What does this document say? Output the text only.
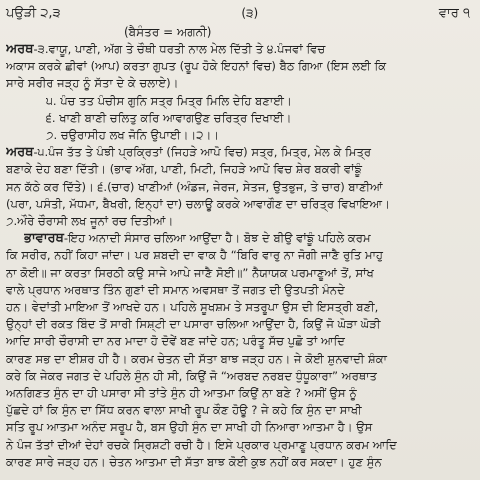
ਪਉੜੀ ੨,੩	(੩)	ਵਾਰ ੧
(ਬੈਸੰਤਰ = ਅਗਨੀ)
ਅਰਥ-੩.ਵਾਯੂ, ਪਾਣੀ, ਅੱਗ ਤੇ ਚੌਥੀ ਧਰਤੀ ਨਾਲ ਮੇਲ ਦਿੱਤੀ ਤੇ ੪.ਪੰਜਵਾਂ ਵਿਚ
ਅਕਾਸ ਕਰਕੇ ਛੀਵਾਂ (ਆਪ) ਕਰਤਾ ਗੁਪਤ (ਰੂਪ ਹੋਕੇ ਇਹਨਾਂ ਵਿਚ) ਬੈਠ ਗਿਆ (ਇਸ ਲਈ ਕਿ
ਸਾਰੇ ਸਰੀਰ ਜੜ੍ਹ ਨੂੰ ਸੱਤਾ ਦੇ ਕੇ ਚਲਾਏ)।
੫. ਪੰਚ ਤਤ ਪੰਚੀਸ ਗੁਨਿ ਸਤ੍ਰ ਮਿਤ੍ਰ ਮਿਲਿ ਦੇਹਿ ਬਣਾਈ।
੬. ਖਾਣੀ ਬਾਣੀ ਚਲਿਤੁ ਕਰਿ ਆਵਾਗਉਣ ਚਰਿਤ੍ਰ ਦਿਖਾਈ।
੭. ਚਉਰਾਸੀਹ ਲਖ ਜੋਨਿ ਉਪਾਈ।।੨।।
ਅਰਥ-੫.ਪੰਜ ਤੱਤ ਤੇ ਪੰਝੀ ਪ੍ਰਕ੍ਰਿਤਾਂ (ਜਿਹੜੇ ਆਪੋ ਵਿਚ) ਸਤ੍ਰ, ਮਿਤ੍ਰ, ਮੇਲ ਕੇ ਮਿਤ੍ਰ
ਬਣਾਕੇ ਦੇਹ ਬਣਾ ਦਿੱਤੀ। (ਭਾਵ ਅੱਗ, ਪਾਣੀ, ਮਿਟੀ, ਜਿਹੜੇ ਆਪੋ ਵਿਚ ਸ਼ੇਰ ਬਕਰੀ ਵਾਂਙੂੰ
ਸਨ ਕੱਠੇ ਕਰ ਦਿੱਤੇ)। ੬.(ਚਾਰ) ਖਾਣੀਆਂ (ਅੰਡਜ, ਜੇਰਜ, ਸੇਤਜ, ਉਤਭੁਜ, ਤੇ ਚਾਰ) ਬਾਣੀਆਂ
(ਪਰਾ, ਪਸੰਤੀ, ਮੱਧਮਾ, ਬੈਖਰੀ, ਇਨ੍ਹਾਂ ਦਾ) ਚਲਾਊ ਕਰਕੇ ਆਵਾਗੌਣ ਦਾ ਚਰਿਤ੍ਰ ਵਿਖਾਇਆ।
੭.ਔਰੇ ਚੌਰਾਸੀ ਲਖ ਜੂਨਾਂ ਰਚ ਦਿਤੀਆਂ।
ਭਾਵਾਰਥ-ਇਹ ਅਨਾਦੀ ਸੰਸਾਰ ਚਲਿਆ ਆਉਂਦਾ ਹੈ। ਬੋਝ ਦੇ ਬੀਉ ਵਾਂਙੂੰ ਪਹਿਲੇ ਕਰਮ
ਕਿ ਸਰੀਰ, ਨਹੀਂ ਕਿਹਾ ਜਾਂਦਾ। ਪਰ ਸ਼ਬਦੀ ਦਾ ਵਾਕ ਹੈ “ਬਿਰਿ ਵਾਰੁ ਨਾ ਜੋਗੀ ਜਾਣੈ ਰੁਤਿ ਮਾਹੁ
ਨਾ ਕੋਈ॥ ਜਾ ਕਰਤਾ ਸਿਰਠੀ ਕਉ ਸਾਜੇ ਆਪੇ ਜਾਣੈ ਸੋਈ॥” ਨੈਯਾਯਕ ਪਰਮਾਣੂਆਂ ਤੋਂ, ਸਾਂਖ
ਵਾਲੇ ਪ੍ਰਧਾਨ ਅਰਥਾਤ ਤਿੰਨ ਗੁਣਾਂ ਦੀ ਸਮਾਨ ਅਵਸਥਾ ਤੋਂ ਜਗਤ ਦੀ ਉਤਪਤੀ ਮੰਨਦੇ
ਹਨ। ਵੇਦਾਂਤੀ ਮਾਇਆ ਤੋਂ ਆਖਦੇ ਹਨ। ਪਹਿਲੇ ਸੂਖਸ਼ਮ ਤੇ ਸਤਰੂਪਾ ਉਸ ਦੀ ਇਸਤ੍ਰੀ ਬਣੀ,
ਉਨ੍ਹਾਂ ਦੀ ਰਕਤ ਬਿੰਦ ਤੋਂ ਸਾਰੀ ਸਿਸ਼੍ਟੀ ਦਾ ਪਸਾਰਾ ਚਲਿਆ ਆਉਂਦਾ ਹੈ, ਕਿਉਂ ਜੋ ਘੋੜਾ ਘੋੜੀ
ਆਦਿ ਸਾਰੀ ਚੌਰਾਸੀ ਦਾ ਨਰ ਮਾਦਾ ਹੋ ਦੋਵੇਂ ਬਣ ਜਾਂਦੇ ਹਨ; ਪਰੰਤੂ ਸੱਚ ਪੁਛੋ ਤਾਂ ਆਦਿ
ਕਾਰਣ ਸਭ ਦਾ ਈਸ਼ਰ ਹੀ ਹੈ। ਕਰਮ ਚੇਤਨ ਦੀ ਸੱਤਾ ਬਾਝ ਜੜ੍ਹ ਹਨ। ਜੇ ਕੋਈ ਸ਼ੁਨਵਾਦੀ ਸ਼ੰਕਾ
ਕਰੇ ਕਿ ਜੇਕਰ ਜਗਤ ਦੇ ਪਹਿਲੇ ਸੁੰਨ ਹੀ ਸੀ, ਕਿਉਂ ਜੋ “ਅਰਬਦ ਨਰਬਦ ਧੁੰਧੂਕਾਰਾ” ਅਰਥਾਤ
ਅਨਗਿਣਤ ਸੁੰਨ ਦਾ ਹੀ ਪਸਾਰਾ ਸੀ ਤਾਂਤੇ ਸੁੰਨ ਹੀ ਆਤਮਾ ਕਿਉਂ ਨਾ ਬਣੇ ? ਅਸੀਂ ਉਸ ਨੂੰ
ਪੁੱਛਦੇ ਹਾਂ ਕਿ ਸੁੰਨ ਦਾ ਸਿੱਧ ਕਰਨ ਵਾਲਾ ਸਾਖੀ ਰੂਪ ਕੌਣ ਹੋਊ ? ਜੇ ਕਹੇ ਕਿ ਸੁੰਨ ਦਾ ਸਾਖੀ
ਸਤਿ ਰੂਪ ਆਤਮਾ ਅਨੰਦ ਸਰੂਪ ਹੈ, ਬਸ ਉਹੀ ਸੁੰਨ ਦਾ ਸਾਖੀ ਹੀ ਨਿਆਰਾ ਆਤਮਾ ਹੈ। ਉਸ
ਨੇ ਪੰਜ ਤੱਤਾਂ ਦੀਆਂ ਦੇਹਾਂ ਰਚਕੇ ਸ੍ਰਿਸ਼ਟੀ ਰਚੀ ਹੈ। ਇਸੇ ਪ੍ਰਕਾਰ ਪ੍ਰਮਾਣੂ ਪ੍ਰਧਾਨ ਕਰਮ ਆਦਿ
ਕਾਰਣ ਸਾਰੇ ਜੜ੍ਹ ਹਨ। ਚੇਤਨ ਆਤਮਾ ਦੀ ਸੱਤਾ ਬਾਝ ਕੋਈ ਕੁਝ ਨਹੀਂ ਕਰ ਸਕਦਾ। ਹੁਣ ਸੁੰਨ
